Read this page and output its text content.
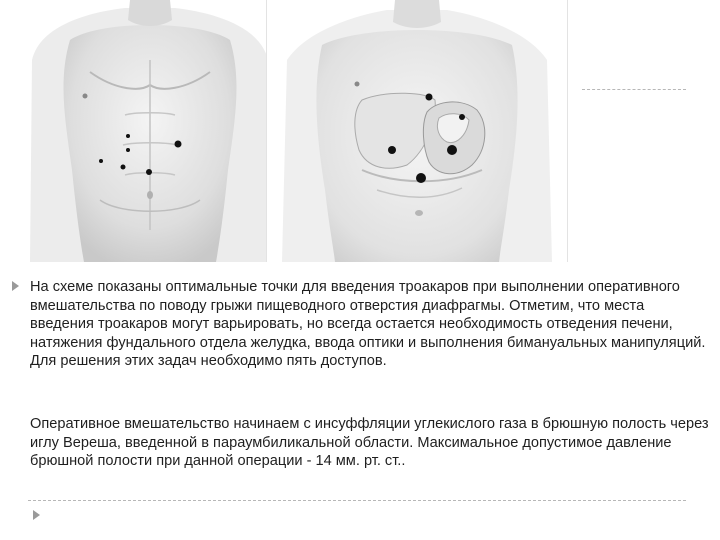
На схеме показаны оптимальные точки для введения троакаров при выполнении оперативного вмешательства по поводу грыжи пищеводного отверстия диафрагмы. Отметим, что места введения троакаров могут варьировать, но всегда остается необходимость отведения печени, натяжения фундального отдела желудка, ввода оптики и выполнения бимануальных манипуляций. Для решения этих задач необходимо пять доступов.

Оперативное вмешательство начинаем с инсуффляции углекислого газа в брюшную полость через иглу Вереша, введенной в параумбиликальной области. Максимальное допустимое давление брюшной полости при данной операции - 14 мм. рт. ст..
